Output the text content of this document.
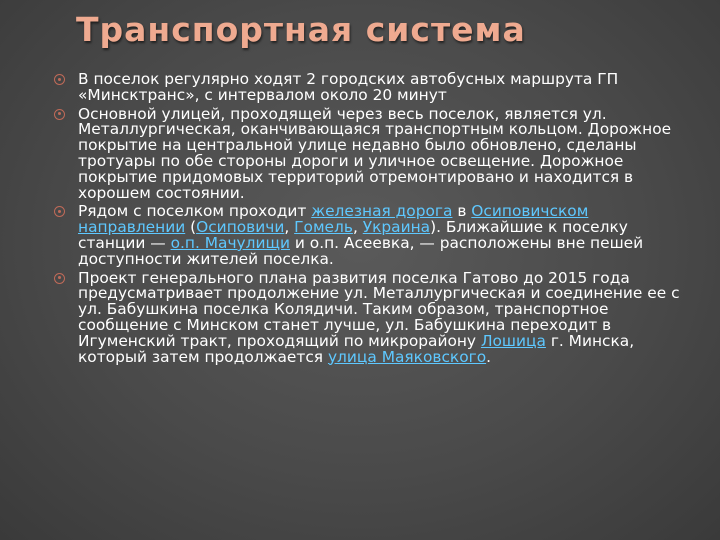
Транспортная система
В поселок регулярно ходят 2 городских автобусных маршрута ГП «Минсктранс», с интервалом около 20 минут
Основной улицей, проходящей через весь поселок, является ул. Металлургическая, оканчивающаяся транспортным кольцом. Дорожное покрытие на центральной улице недавно было обновлено, сделаны тротуары по обе стороны дороги и уличное освещение. Дорожное покрытие придомовых территорий отремонтировано и находится в хорошем состоянии.
Рядом с поселком проходит железная дорога в Осиповичском направлении (Осиповичи, Гомель, Украина). Ближайшие к поселку станции — о.п. Мачулищи и о.п. Асеевка, — расположены вне пешей доступности жителей поселка.
Проект генерального плана развития поселка Гатово до 2015 года предусматривает продолжение ул. Металлургическая и соединение ее с ул. Бабушкина поселка Колядичи. Таким образом, транспортное сообщение с Минском станет лучше, ул. Бабушкина переходит в Игуменский тракт, проходящий по микрорайону Лошица г. Минска, который затем продолжается улица Маяковского.
